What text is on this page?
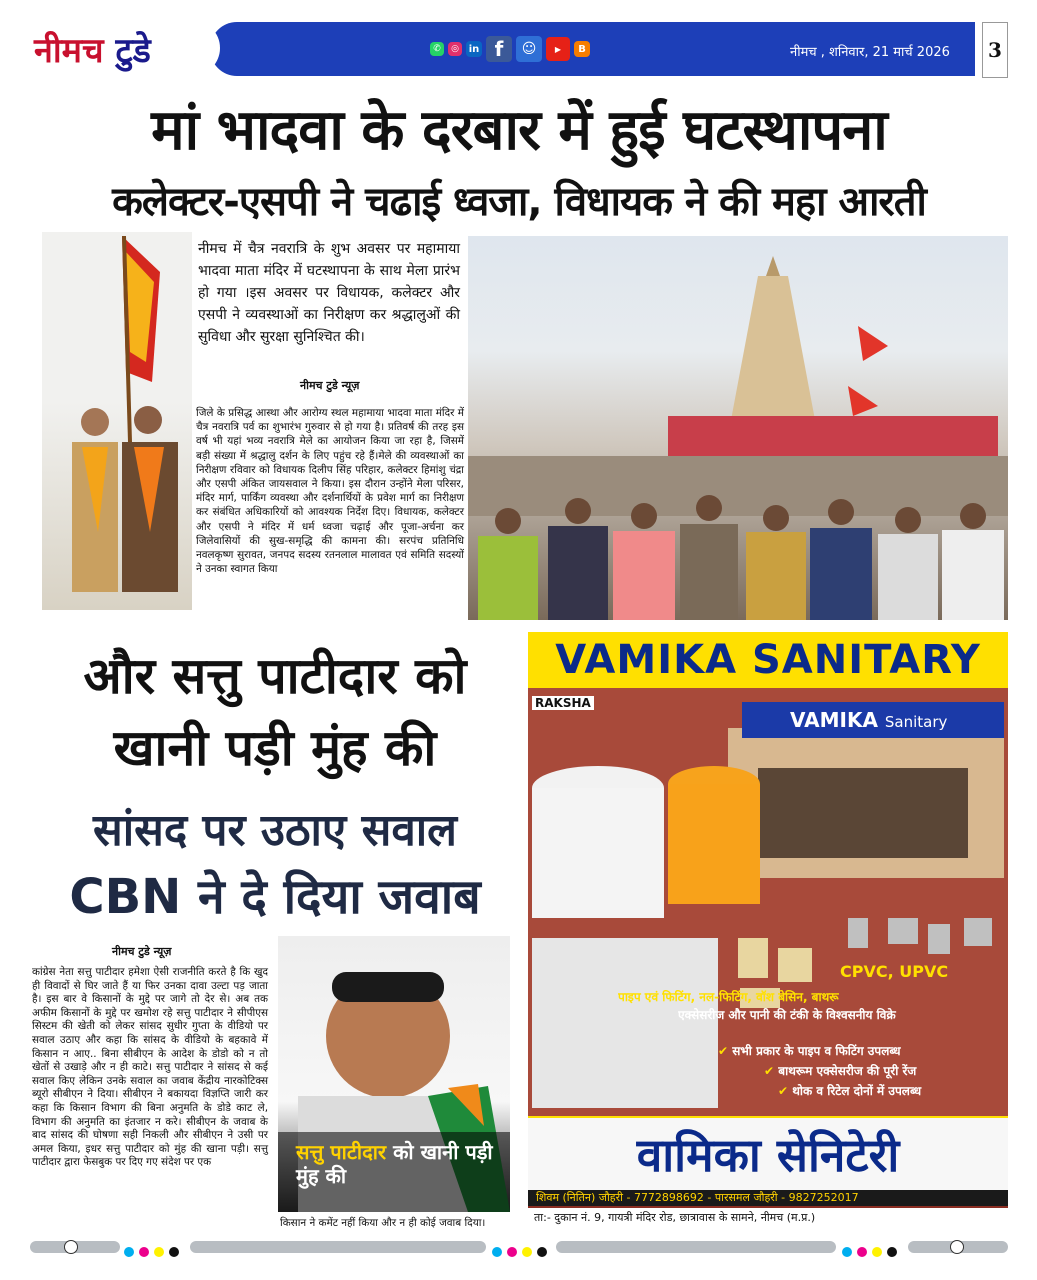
नीमच टुडे	✆	◎ in f	☺	▶	B	नीमच , शनिवार, 21 मार्च 2026	3
मां भादवा के दरबार में हुई घटस्थापना
कलेक्टर-एसपी ने चढाई ध्वजा, विधायक ने की महा आरती
नीमच में चैत्र नवरात्रि के शुभ अवसर पर महामाया भादवा माता मंदिर में घटस्थापना के साथ मेला प्रारंभ हो गया ।इस अवसर पर विधायक, कलेक्टर और एसपी ने व्यवस्थाओं का निरीक्षण कर श्रद्धालुओं की सुविधा और सुरक्षा सुनिश्चित की।
नीमच टुडे न्यूज़
जिले के प्रसिद्ध आस्था और आरोग्य स्थल महामाया भादवा माता मंदिर में चैत्र नवरात्रि पर्व का शुभारंभ गुरुवार से हो गया है। प्रतिवर्ष की तरह इस वर्ष भी यहां भव्य नवरात्रि मेले का आयोजन किया जा रहा है, जिसमें बड़ी संख्या में श्रद्धालु दर्शन के लिए पहुंच रहे हैं।मेले की व्यवस्थाओं का निरीक्षण रविवार को विधायक दिलीप सिंह परिहार, कलेक्टर हिमांशु चंद्रा और एसपी अंकित जायसवाल ने किया। इस दौरान उन्होंने मेला परिसर, मंदिर मार्ग, पार्किंग व्यवस्था और दर्शनार्थियों के प्रवेश मार्ग का निरीक्षण कर संबंधित अधिकारियों को आवश्यक निर्देश दिए। विधायक, कलेक्टर और एसपी ने मंदिर में धर्म ध्वजा चढ़ाई और पूजा-अर्चना कर जिलेवासियों की सुख-समृद्धि की कामना की। सरपंच प्रतिनिधि नवलकृष्ण सुरावत, जनपद सदस्य रतनलाल मालावत एवं समिति सदस्यों ने उनका स्वागत किया
और सत्तु पाटीदार को खानी पड़ी मुंह की
सांसद पर उठाए सवाल
CBN ने दे दिया जवाब
नीमच टुडे न्यूज़
कांग्रेस नेता सत्तु पाटीदार हमेशा ऐसी राजनीति करते है कि खुद ही विवादों से घिर जाते हैं या फिर उनका दावा उल्टा पड़ जाता है। इस बार वे किसानों के मुद्दे पर जागे तो देर से। अब तक अफीम किसानों के मुद्दे पर खमोश रहे सत्तु पाटीदार ने सीपीएस सिस्टम की खेती को लेकर सांसद सुधीर गुप्ता के वीडियो पर सवाल उठाए और कहा कि सांसद के वीडियो के बहकावे में किसान न आए.. बिना सीबीएन के आदेश के डोडो को न तो खेतों से उखाड़े और न ही काटे। सत्तु पाटीदार ने सांसद से कई सवाल किए लेकिन उनके सवाल का जवाब केंद्रीय नारकोटिक्स ब्यूरो सीबीएन ने दिया। सीबीएन ने बकायदा विज्ञप्ति जारी कर कहा कि किसान विभाग की बिना अनुमति के डोडे काट ले, विभाग की अनुमति का इंतजार न करे। सीबीएन के जवाब के बाद सांसद की घोषणा सही निकली और सीबीएन ने उसी पर अमल किया, इधर सत्तु पाटीदार को मुंह की खाना पड़ी। सत्तु पाटीदार द्वारा फेसबुक पर दिए गए संदेश पर एक	सत्तु पाटीदार को खानी पड़ी मुंह की
किसान ने कमेंट नहीं किया और न ही कोई जवाब दिया।
VAMIKA SANITARY
RAKSHA
VAMIKA Sanitary
CPVC, UPVC
पाइप एवं फिटिंग, नल-फिटिंग, वॉश बेसिन, बाथरू
एक्सेसरीज और पानी की टंकी के विश्वसनीय विक्रे
✔ सभी प्रकार के पाइप व फिटिंग उपलब्ध
✔ बाथरूम एक्सेसरीज की पूरी रेंज
✔ थोक व रिटेल दोनों में उपलब्ध
वामिका सेनिटेरी
शिवम (नितिन) जौहरी - 7772898692 - पारसमल जौहरी - 9827252017
ता:- दुकान नं. 9, गायत्री मंदिर रोड, छात्रावास के सामने, नीमच (म.प्र.)
